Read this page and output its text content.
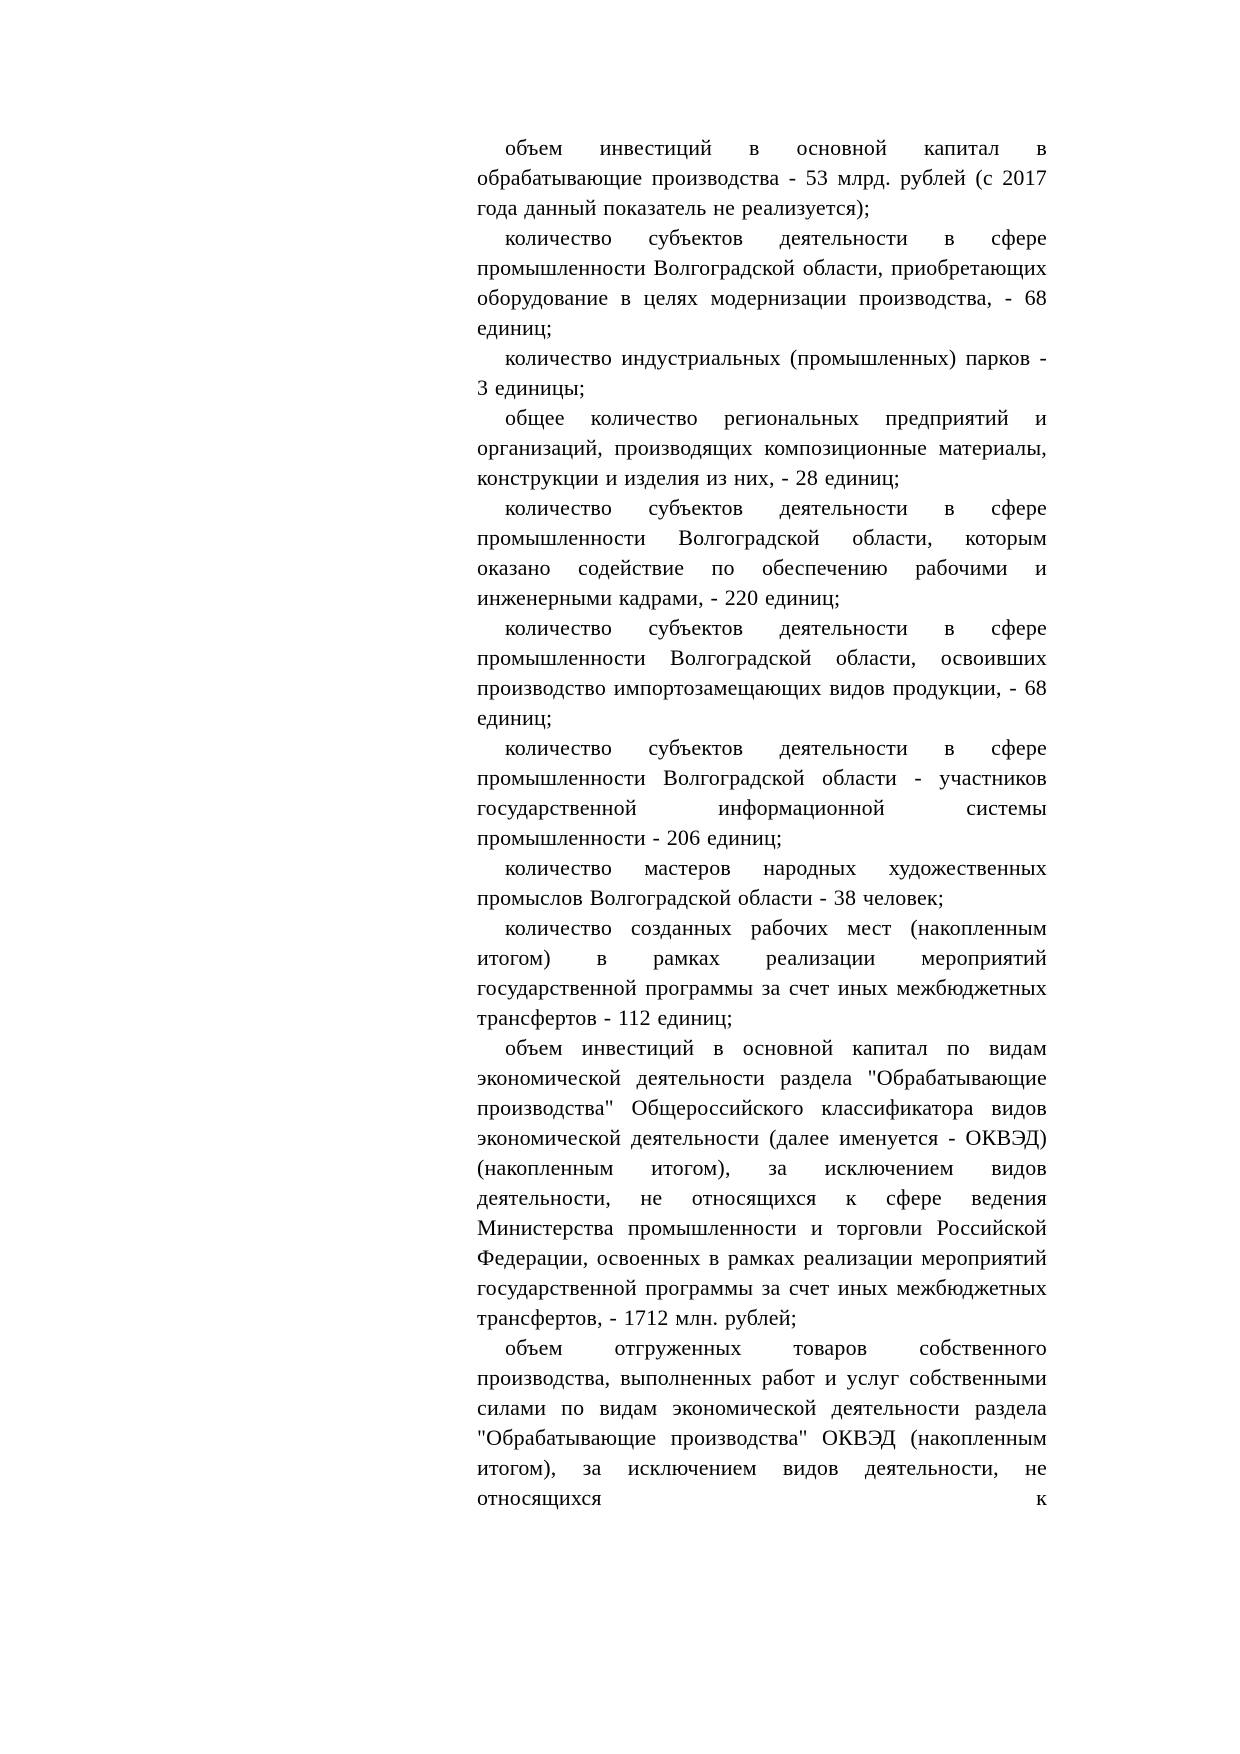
объем инвестиций в основной капитал в обрабатывающие производства - 53 млрд. рублей (с 2017 года данный показатель не реализуется);

количество субъектов деятельности в сфере промышленности Волгоградской области, приобретающих оборудование в целях модернизации производства, - 68 единиц;

количество индустриальных (промышленных) парков - 3 единицы;

общее количество региональных предприятий и организаций, производящих композиционные материалы, конструкции и изделия из них, - 28 единиц;

количество субъектов деятельности в сфере промышленности Волгоградской области, которым оказано содействие по обеспечению рабочими и инженерными кадрами, - 220 единиц;

количество субъектов деятельности в сфере промышленности Волгоградской области, освоивших производство импортозамещающих видов продукции, - 68 единиц;

количество субъектов деятельности в сфере промышленности Волгоградской области - участников государственной информационной системы промышленности - 206 единиц;

количество мастеров народных художественных промыслов Волгоградской области - 38 человек;

количество созданных рабочих мест (накопленным итогом) в рамках реализации мероприятий государственной программы за счет иных межбюджетных трансфертов - 112 единиц;

объем инвестиций в основной капитал по видам экономической деятельности раздела "Обрабатывающие производства" Общероссийского классификатора видов экономической деятельности (далее именуется - ОКВЭД) (накопленным итогом), за исключением видов деятельности, не относящихся к сфере ведения Министерства промышленности и торговли Российской Федерации, освоенных в рамках реализации мероприятий государственной программы за счет иных межбюджетных трансфертов, - 1712 млн. рублей;

объем отгруженных товаров собственного производства, выполненных работ и услуг собственными силами по видам экономической деятельности раздела "Обрабатывающие производства" ОКВЭД (накопленным итогом), за исключением видов деятельности, не относящихся к
